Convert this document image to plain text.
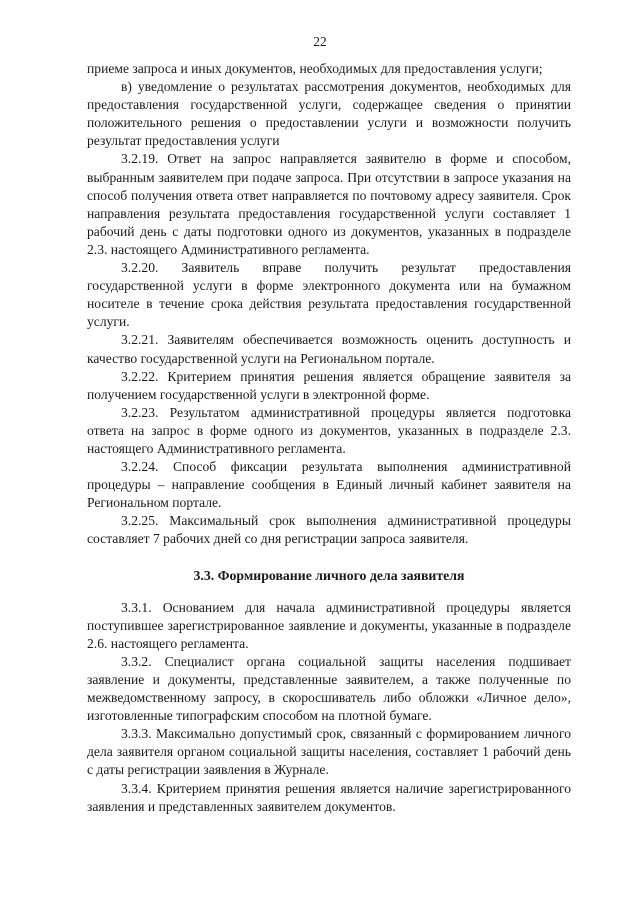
22

приеме запроса и иных документов, необходимых для предоставления услуги;

в) уведомление о результатах рассмотрения документов, необходимых для предоставления государственной услуги, содержащее сведения о принятии положительного решения о предоставлении услуги и возможности получить результат предоставления услуги

3.2.19. Ответ на запрос направляется заявителю в форме и способом, выбранным заявителем при подаче запроса. При отсутствии в запросе указания на способ получения ответа ответ направляется по почтовому адресу заявителя. Срок направления результата предоставления государственной услуги составляет 1 рабочий день с даты подготовки одного из документов, указанных в подразделе 2.3. настоящего Административного регламента.

3.2.20. Заявитель вправе получить результат предоставления государственной услуги в форме электронного документа или на бумажном носителе в течение срока действия результата предоставления государственной услуги.

3.2.21. Заявителям обеспечивается возможность оценить доступность и качество государственной услуги на Региональном портале.

3.2.22. Критерием принятия решения является обращение заявителя за получением государственной услуги в электронной форме.

3.2.23. Результатом административной процедуры является подготовка ответа на запрос в форме одного из документов, указанных в подразделе 2.3. настоящего Административного регламента.

3.2.24. Способ фиксации результата выполнения административной процедуры – направление сообщения в Единый личный кабинет заявителя на Региональном портале.

3.2.25. Максимальный срок выполнения административной процедуры составляет 7 рабочих дней со дня регистрации запроса заявителя.

3.3. Формирование личного дела заявителя

3.3.1. Основанием для начала административной процедуры является поступившее зарегистрированное заявление и документы, указанные в подразделе 2.6. настоящего регламента.

3.3.2. Специалист органа социальной защиты населения подшивает заявление и документы, представленные заявителем, а также полученные по межведомственному запросу, в скоросшиватель либо обложки «Личное дело», изготовленные типографским способом на плотной бумаге.

3.3.3. Максимально допустимый срок, связанный с формированием личного дела заявителя органом социальной защиты населения, составляет 1 рабочий день с даты регистрации заявления в Журнале.

3.3.4. Критерием принятия решения является наличие зарегистрированного заявления и представленных заявителем документов.
